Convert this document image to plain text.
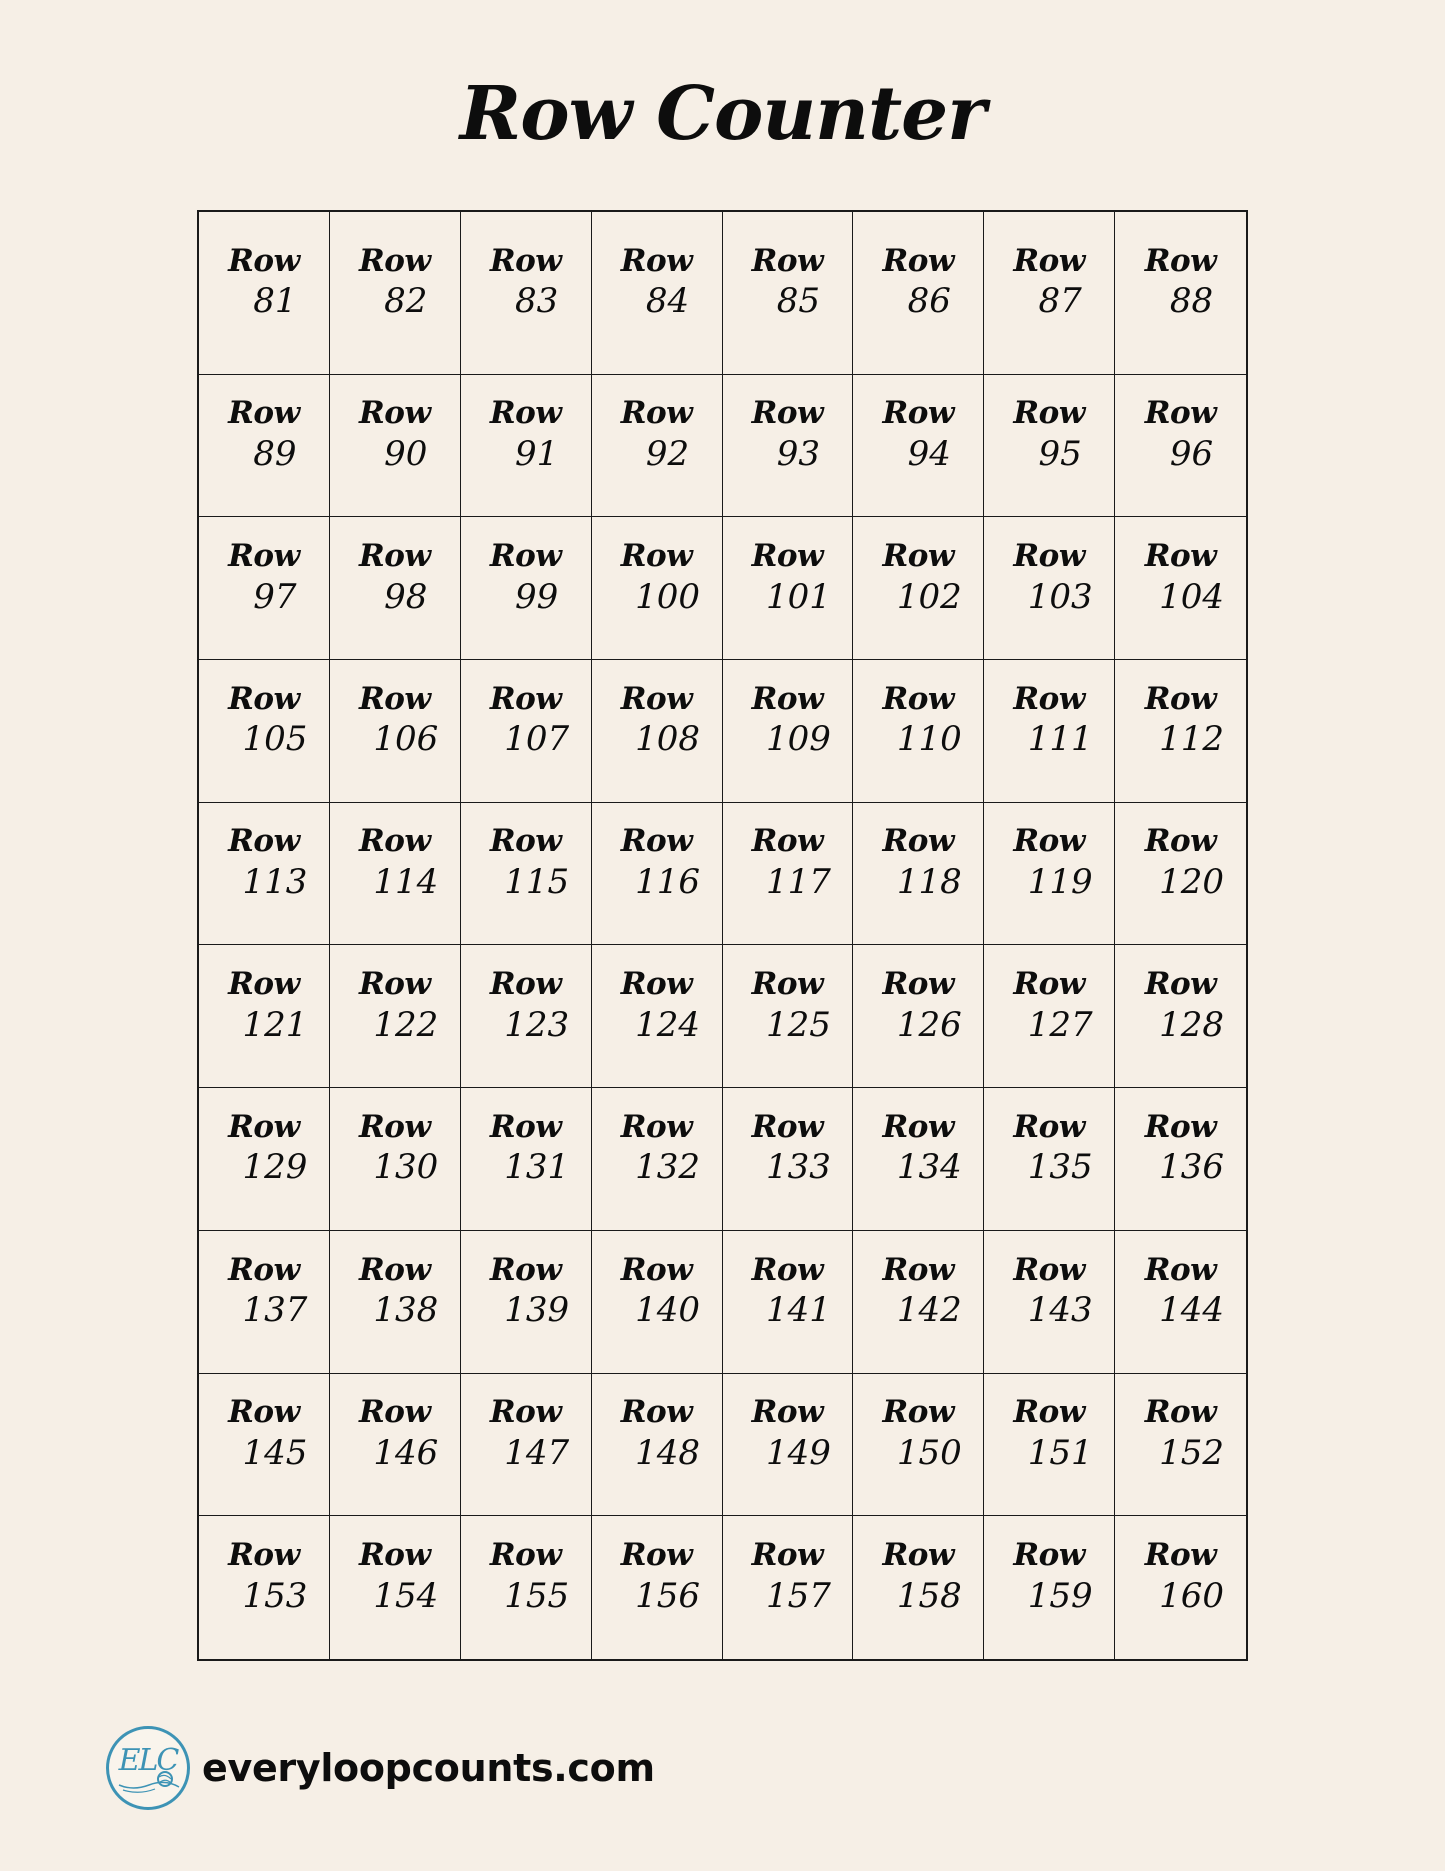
Row Counter
Row
81
Row
82
Row
83
Row
84
Row
85
Row
86
Row
87
Row
88
Row
89
Row
90
Row
91
Row
92
Row
93
Row
94
Row
95
Row
96
Row
97
Row
98
Row
99
Row
100
Row
101
Row
102
Row
103
Row
104
Row
105
Row
106
Row
107
Row
108
Row
109
Row
110
Row
111
Row
112
Row
113
Row
114
Row
115
Row
116
Row
117
Row
118
Row
119
Row
120
Row
121
Row
122
Row
123
Row
124
Row
125
Row
126
Row
127
Row
128
Row
129
Row
130
Row
131
Row
132
Row
133
Row
134
Row
135
Row
136
Row
137
Row
138
Row
139
Row
140
Row
141
Row
142
Row
143
Row
144
Row
145
Row
146
Row
147
Row
148
Row
149
Row
150
Row
151
Row
152
Row
153
Row
154
Row
155
Row
156
Row
157
Row
158
Row
159
Row
160
ELC everyloopcounts.com
